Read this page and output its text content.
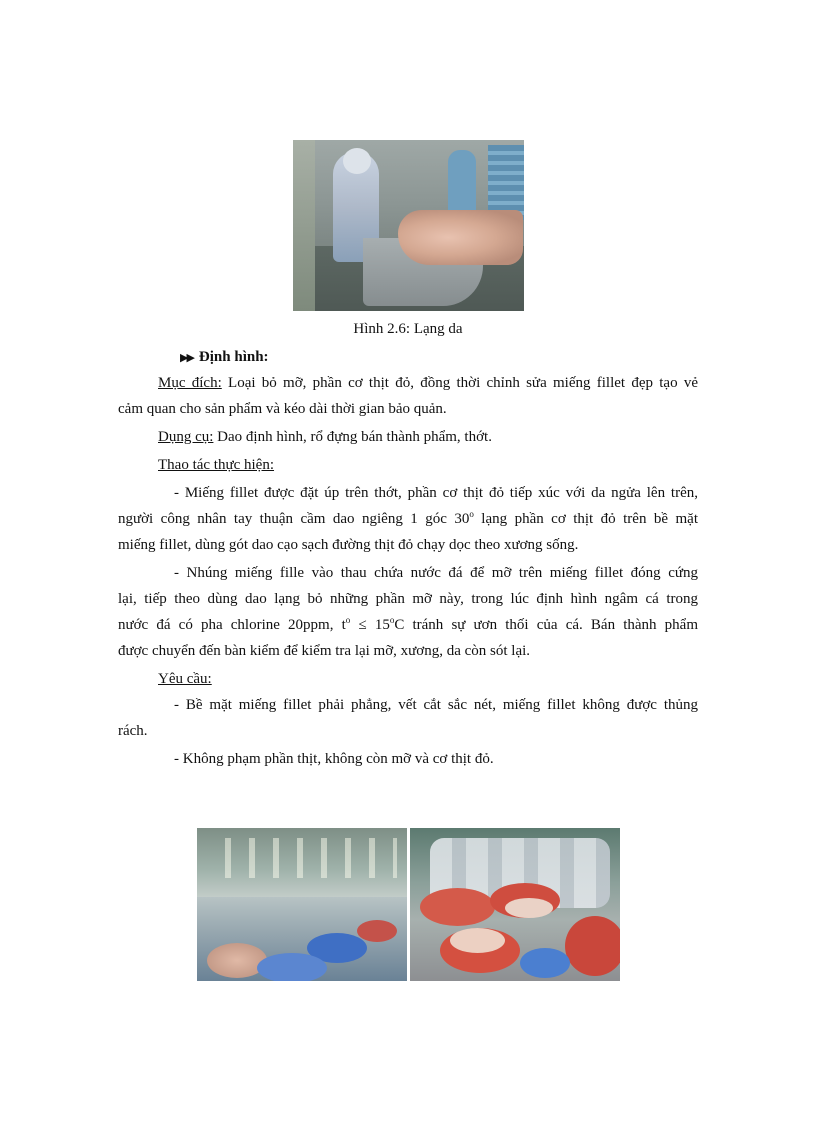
Hình 2.6: Lạng da
▶▶ Định hình:
Mục đích: Loại bỏ mỡ, phần cơ thịt đỏ, đồng thời chỉnh sửa miếng fillet đẹp tạo vẻ
cảm quan cho sản phẩm và kéo dài thời gian bảo quản.
Dụng cụ: Dao định hình, rổ đựng bán thành phẩm, thớt.
Thao tác thực hiện:
- Miếng fillet được đặt úp trên thớt, phần cơ thịt đỏ tiếp xúc với da ngửa lên trên,
người công nhân tay thuận cầm dao ngiêng 1 góc 30$^o$ lạng phần cơ thịt đỏ trên bề mặt
miếng fillet, dùng gót dao cạo sạch đường thịt đỏ chạy dọc theo xương sống.
- Nhúng miếng fille vào thau chứa nước đá để mỡ trên miếng fillet đóng cứng
lại, tiếp theo dùng dao lạng bỏ những phần mỡ này, trong lúc định hình ngâm cá trong
nước đá có pha chlorine 20ppm, $t^o \le 15^oC$ tránh sự ươn thối của cá. Bán thành phẩm
được chuyển đến bàn kiểm để kiểm tra lại mỡ, xương, da còn sót lại.
Yêu cầu:
- Bề mặt miếng fillet phải phẳng, vết cắt sắc nét, miếng fillet không được thủng
rách.
- Không phạm phần thịt, không còn mỡ và cơ thịt đỏ.
